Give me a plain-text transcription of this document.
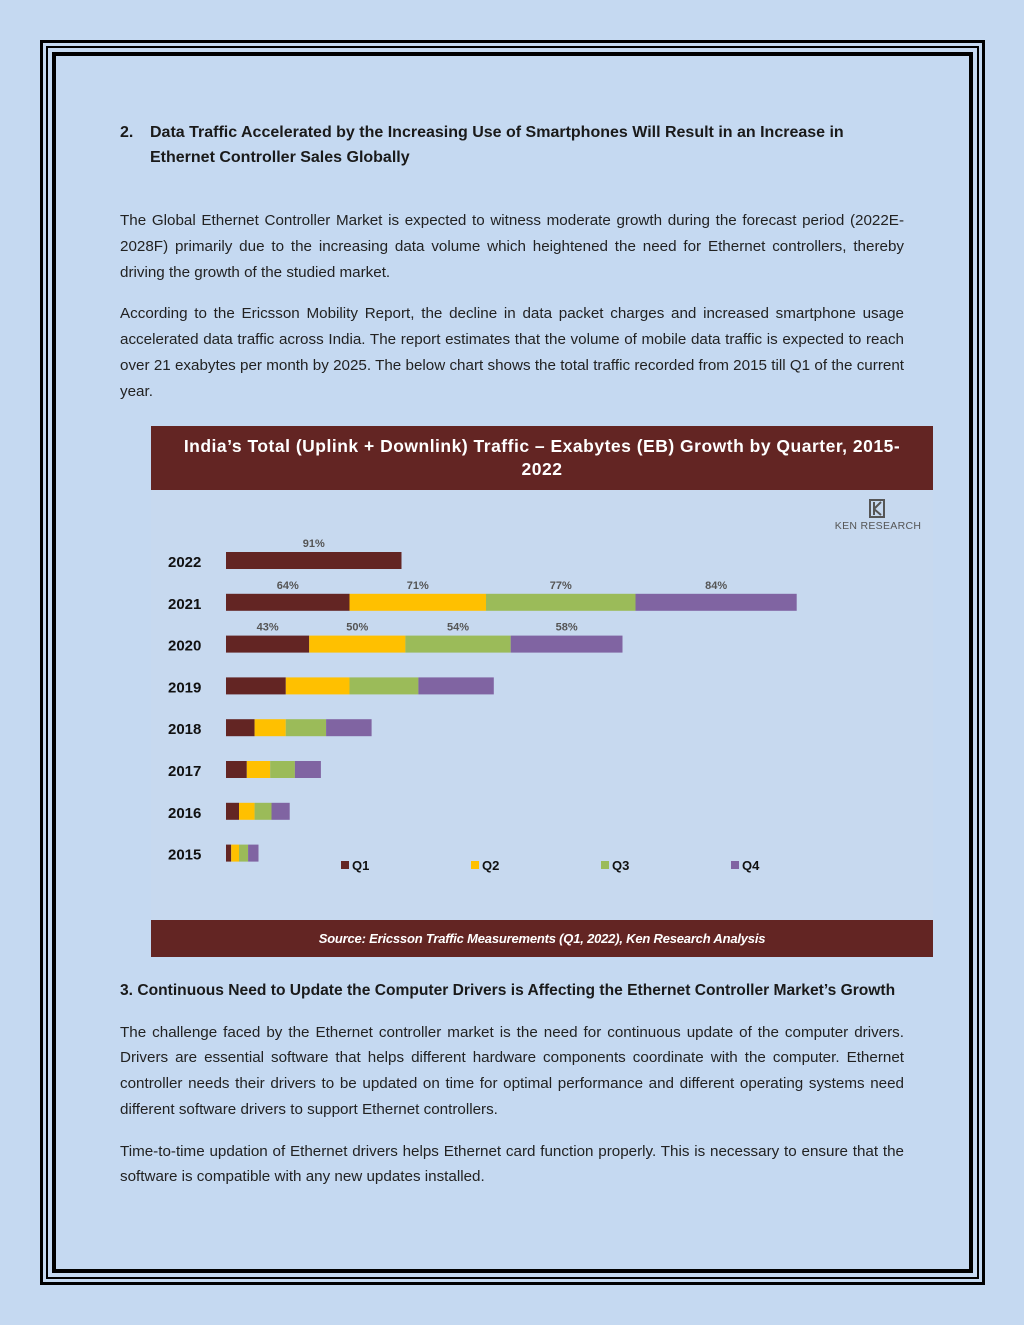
2.	Data Traffic Accelerated by the Increasing Use of Smartphones Will Result in an Increase in Ethernet Controller Sales Globally

The Global Ethernet Controller Market is expected to witness moderate growth during the forecast period (2022E-2028F) primarily due to the increasing data volume which heightened the need for Ethernet controllers, thereby driving the growth of the studied market.

According to the Ericsson Mobility Report, the decline in data packet charges and increased smartphone usage accelerated data traffic across India. The report estimates that the volume of mobile data traffic is expected to reach over 21 exabytes per month by 2025. The below chart shows the total traffic recorded from 2015 till Q1 of the current year.

India’s Total (Uplink + Downlink) Traffic – Exabytes (EB) Growth by Quarter, 2015-2022
KEN RESEARCH
2022
91%
2021
64%	71%	77%	84%
2020
43%	50%	54%	58%
2019
2018
2017
2016
2015
Q1	Q2	Q3	Q4
Source: Ericsson Traffic Measurements (Q1, 2022), Ken Research Analysis
3. Continuous Need to Update the Computer Drivers is Affecting the Ethernet Controller Market’s Growth

The challenge faced by the Ethernet controller market is the need for continuous update of the computer drivers. Drivers are essential software that helps different hardware components coordinate with the computer. Ethernet controller needs their drivers to be updated on time for optimal performance and different operating systems need different software drivers to support Ethernet controllers.

Time-to-time updation of Ethernet drivers helps Ethernet card function properly. This is necessary to ensure that the software is compatible with any new updates installed.
